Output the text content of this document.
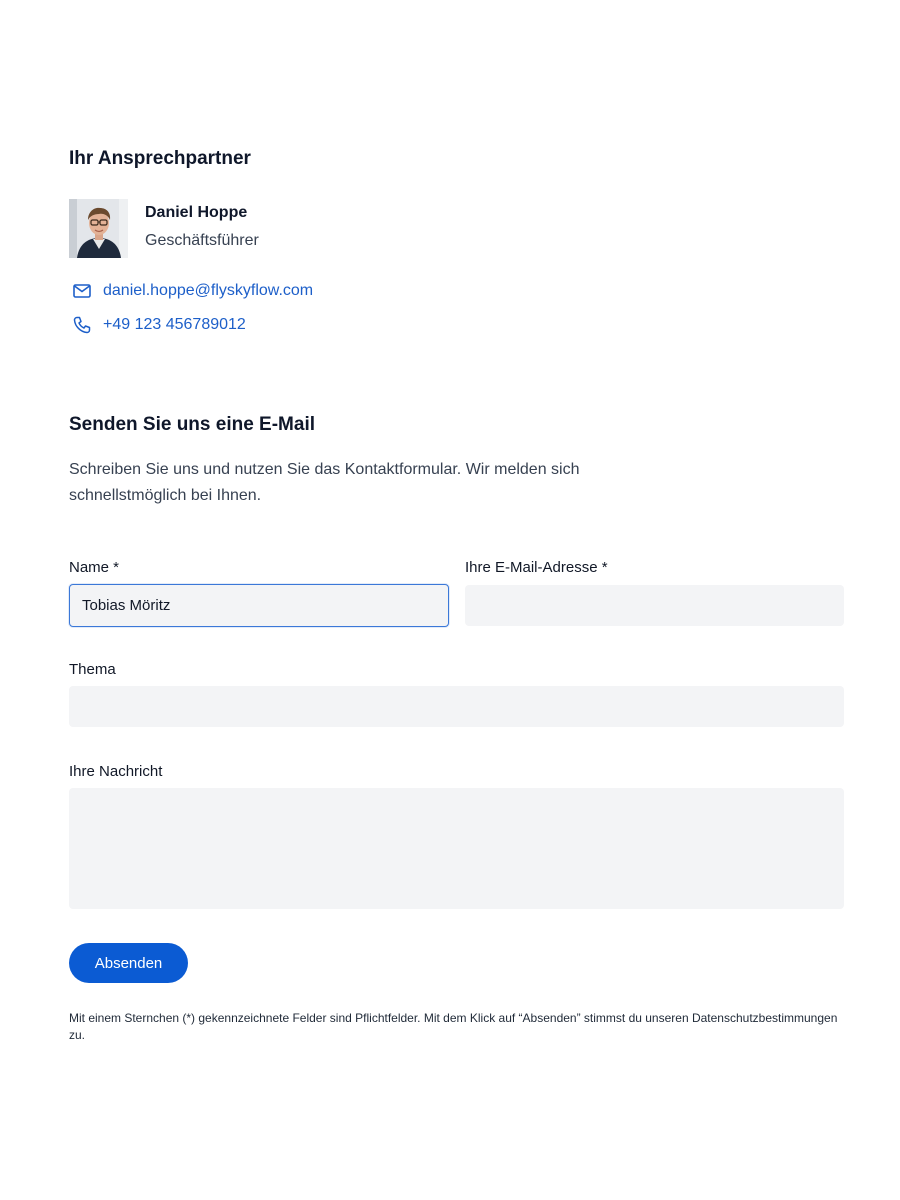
Ihr Ansprechpartner
Daniel Hoppe
Geschäftsführer
daniel.hoppe@flyskyflow.com
+49 123 456789012
Senden Sie uns eine E-Mail

Schreiben Sie uns und nutzen Sie das Kontaktformular. Wir melden sich schnellstmöglich bei Ihnen.

Name *
Tobias Möritz	Ihre E-Mail-Adresse *
Thema
Ihre Nachricht
Absenden

Mit einem Sternchen (*) gekennzeichnete Felder sind Pflichtfelder. Mit dem Klick auf “Absenden” stimmst du unseren Datenschutzbestimmungen zu.
